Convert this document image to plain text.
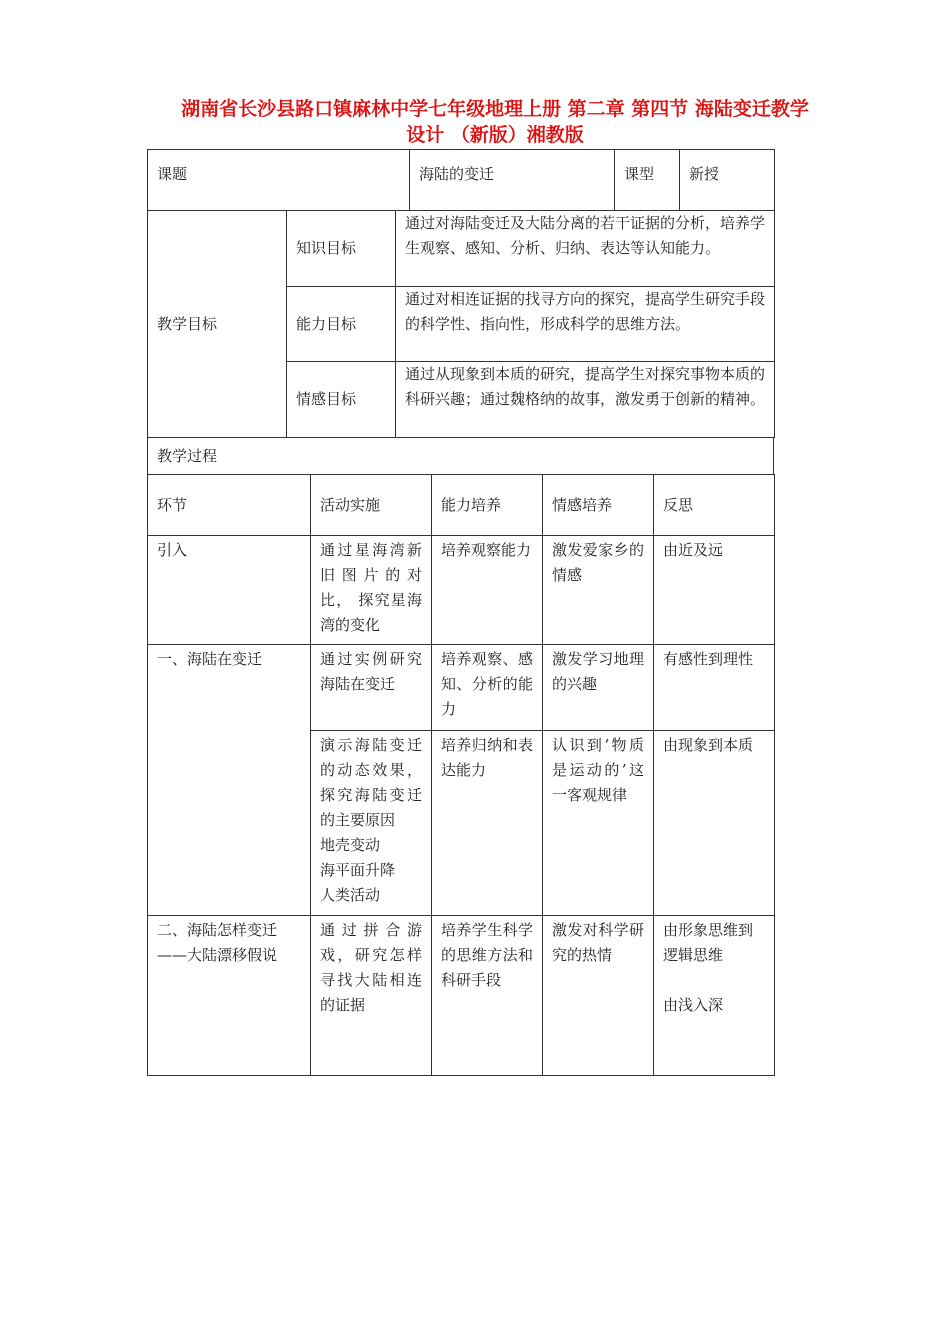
湖南省长沙县路口镇麻林中学七年级地理上册 第二章 第四节 海陆变迁教学
设计 （新版）湘教版
课题	海陆的变迁	课型	新授
教学目标	知识目标	通过对海陆变迁及大陆分离的若干证据的分析，培养学生观察、感知、分析、归纳、表达等认知能力。

	能力目标	通过对相连证据的找寻方向的探究，提高学生研究手段的科学性、指向性，形成科学的思维方法。

	情感目标	通过从现象到本质的研究，提高学生对探究事物本质的科研兴趣；通过魏格纳的故事，激发勇于创新的精神。
教学过程
环节	活动实施	能力培养	情感培养	反思

引入	通过星海湾新旧图片的对比， 探究星海湾的变化	培养观察能力	激发爱家乡的情感	由近及远

一、海陆在变迁	通过实例研究海陆在变迁	培养观察、感知、分析的能力	激发学习地理的兴趣	有感性到理性

	演示海陆变迁的动态效果，探究海陆变迁的主要原因
地壳变动
海平面升降
人类活动	培养归纳和表达能力	认识到‘物质是运动的’这一客观规律	由现象到本质

二、海陆怎样变迁——大陆漂移假说	通过拼合游戏，研究怎样寻找大陆相连的证据	培养学生科学的思维方法和科研手段	激发对科学研究的热情	由形象思维到逻辑思维
由浅入深
